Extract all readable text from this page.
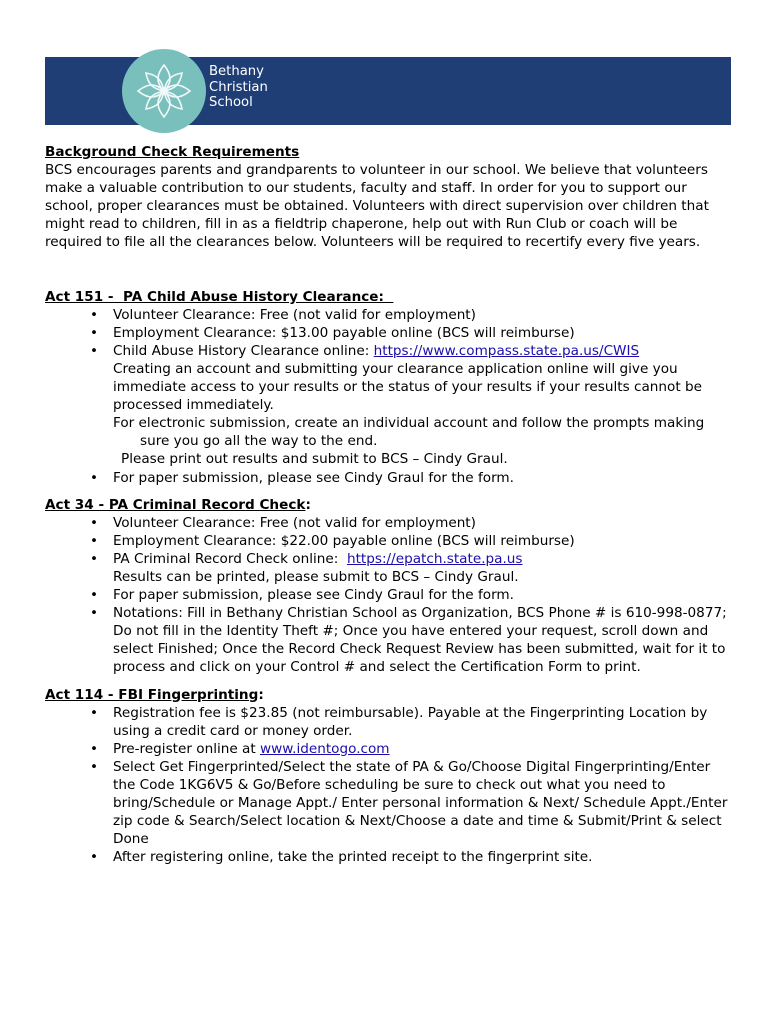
Bethany
Christian
School

Background Check Requirements

BCS encourages parents and grandparents to volunteer in our school. We believe that volunteers make a valuable contribution to our students, faculty and staff. In order for you to support our school, proper clearances must be obtained. Volunteers with direct supervision over children that might read to children, fill in as a fieldtrip chaperone, help out with Run Club or coach will be required to file all the clearances below. Volunteers will be required to recertify every five years.

Act 151 -  PA Child Abuse History Clearance:

• Volunteer Clearance: Free (not valid for employment)
• Employment Clearance: $13.00 payable online (BCS will reimburse)
• Child Abuse History Clearance online: https://www.compass.state.pa.us/CWIS
Creating an account and submitting your clearance application online will give you immediate access to your results or the status of your results if your results cannot be processed immediately.
For electronic submission, create an individual account and follow the prompts making
sure you go all the way to the end.
Please print out results and submit to BCS – Cindy Graul.
• For paper submission, please see Cindy Graul for the form.

Act 34 - PA Criminal Record Check:

• Volunteer Clearance: Free (not valid for employment)
• Employment Clearance: $22.00 payable online (BCS will reimburse)
• PA Criminal Record Check online:  https://epatch.state.pa.us
Results can be printed, please submit to BCS – Cindy Graul.
• For paper submission, please see Cindy Graul for the form.
• Notations: Fill in Bethany Christian School as Organization, BCS Phone # is 610-998-0877;
Do not fill in the Identity Theft #; Once you have entered your request, scroll down and select Finished; Once the Record Check Request Review has been submitted, wait for it to process and click on your Control # and select the Certification Form to print.

Act 114 - FBI Fingerprinting:

• Registration fee is $23.85 (not reimbursable). Payable at the Fingerprinting Location by using a credit card or money order.
• Pre-register online at www.identogo.com
• Select Get Fingerprinted/Select the state of PA & Go/Choose Digital Fingerprinting/Enter the Code 1KG6V5 & Go/Before scheduling be sure to check out what you need to bring/Schedule or Manage Appt./ Enter personal information & Next/ Schedule Appt./Enter zip code & Search/Select location & Next/Choose a date and time & Submit/Print & select Done
• After registering online, take the printed receipt to the fingerprint site.
